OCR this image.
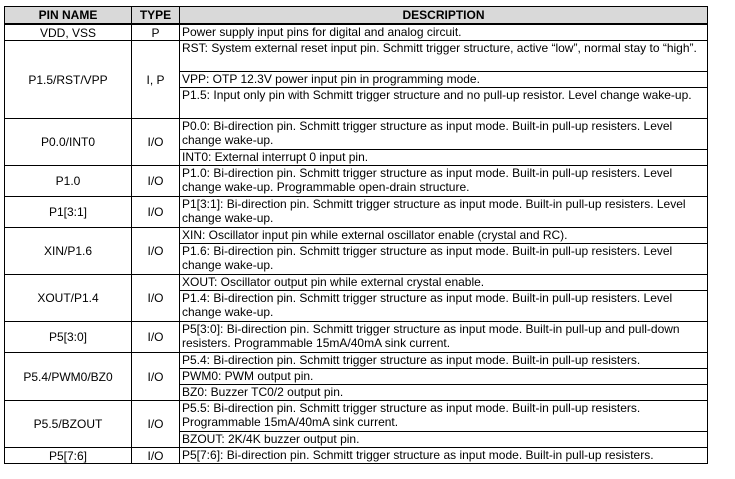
PIN NAME	TYPE	DESCRIPTION
VDD, VSS	P	Power supply input pins for digital and analog circuit.

P1.5/RST/VPP	I, P	RST: System external reset input pin. Schmitt trigger structure, active “low”, normal stay to “high”.
VPP: OTP 12.3V power input pin in programming mode.
P1.5: Input only pin with Schmitt trigger structure and no pull-up resistor. Level change wake-up.

P0.0/INT0	I/O	P0.0: Bi-direction pin. Schmitt trigger structure as input mode. Built-in pull-up resisters. Level change wake-up.
INT0: External interrupt 0 input pin.

P1.0	I/O	P1.0: Bi-direction pin. Schmitt trigger structure as input mode. Built-in pull-up resisters. Level change wake-up. Programmable open-drain structure.

P1[3:1]	I/O	P1[3:1]: Bi-direction pin. Schmitt trigger structure as input mode. Built-in pull-up resisters. Level change wake-up.

XIN/P1.6	I/O	XIN: Oscillator input pin while external oscillator enable (crystal and RC).
P1.6: Bi-direction pin. Schmitt trigger structure as input mode. Built-in pull-up resisters. Level change wake-up.

XOUT/P1.4	I/O	XOUT: Oscillator output pin while external crystal enable.
P1.4: Bi-direction pin. Schmitt trigger structure as input mode. Built-in pull-up resisters. Level change wake-up.

P5[3:0]	I/O	P5[3:0]: Bi-direction pin. Schmitt trigger structure as input mode. Built-in pull-up and pull-down resisters. Programmable 15mA/40mA sink current.

P5.4/PWM0/BZ0	I/O	P5.4: Bi-direction pin. Schmitt trigger structure as input mode. Built-in pull-up resisters.
PWM0: PWM output pin.
BZ0: Buzzer TC0/2 output pin.

P5.5/BZOUT	I/O	P5.5: Bi-direction pin. Schmitt trigger structure as input mode. Built-in pull-up resisters. Programmable 15mA/40mA sink current.
BZOUT: 2K/4K buzzer output pin.

P5[7:6]	I/O	P5[7:6]: Bi-direction pin. Schmitt trigger structure as input mode. Built-in pull-up resisters.
